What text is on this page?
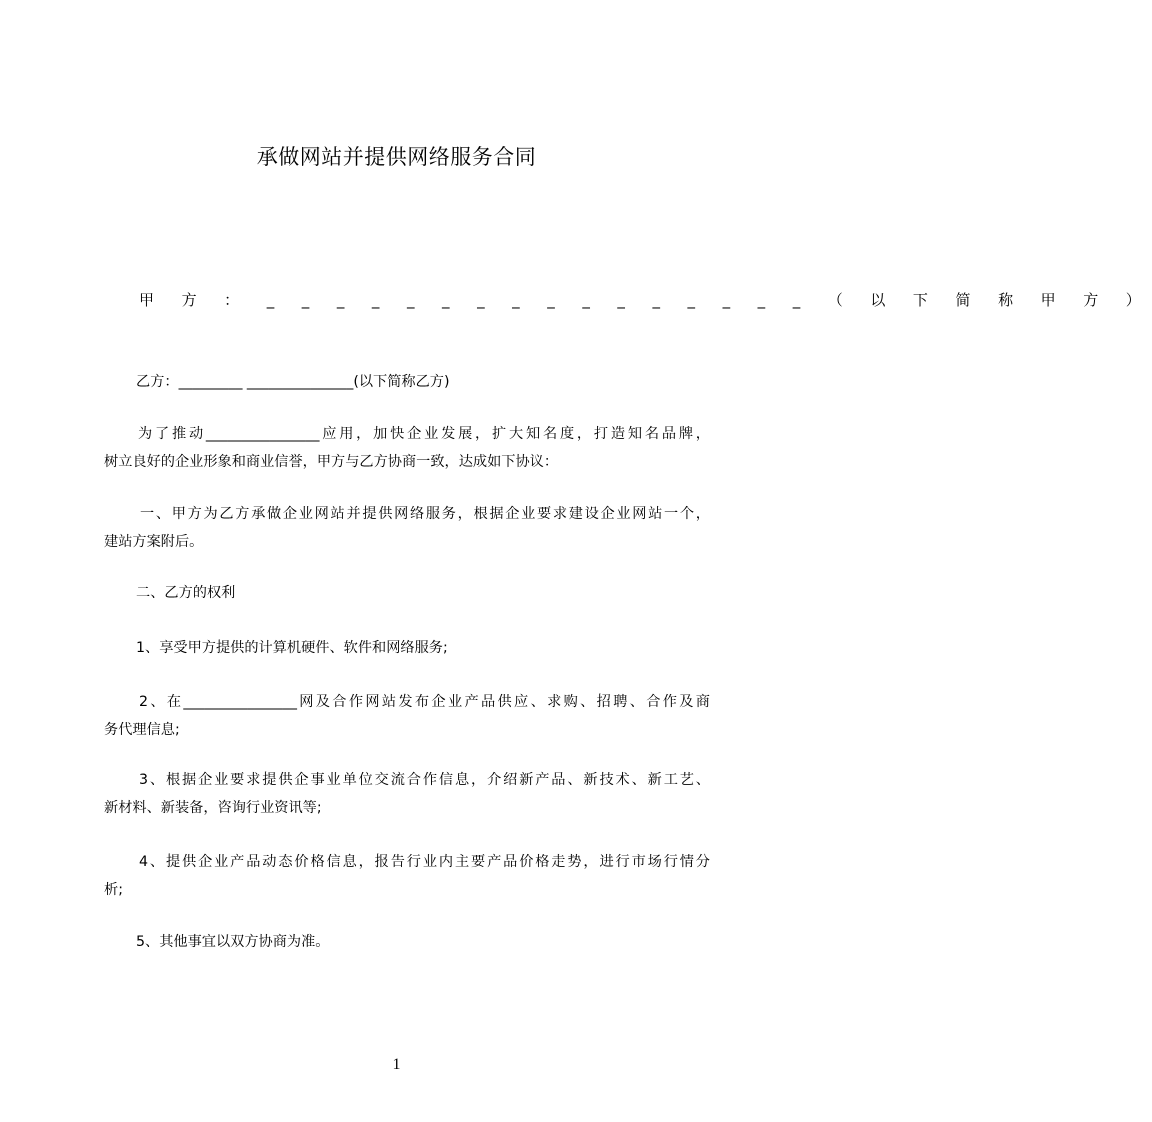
承做网站并提供网络服务合同
甲 方 ： _ _ _ _ _ _ _ _ _ _ _ _ _ _ _ _ （ 以 下 简 称 甲 方 ）

乙方：_________ _______________(以下简称乙方)

为了推动________________应用，加快企业发展，扩大知名度，打造知名品牌，
树立良好的企业形象和商业信誉，甲方与乙方协商一致，达成如下协议：

一、甲方为乙方承做企业网站并提供网络服务，根据企业要求建设企业网站一个，
建站方案附后。

二、乙方的权利

1、享受甲方提供的计算机硬件、软件和网络服务;

2、在________________网及合作网站发布企业产品供应、求购、招聘、合作及商
务代理信息;

3、根据企业要求提供企事业单位交流合作信息，介绍新产品、新技术、新工艺、
新材料、新装备，咨询行业资讯等;

4、提供企业产品动态价格信息，报告行业内主要产品价格走势，进行市场行情分
析;

5、其他事宜以双方协商为准。

1
